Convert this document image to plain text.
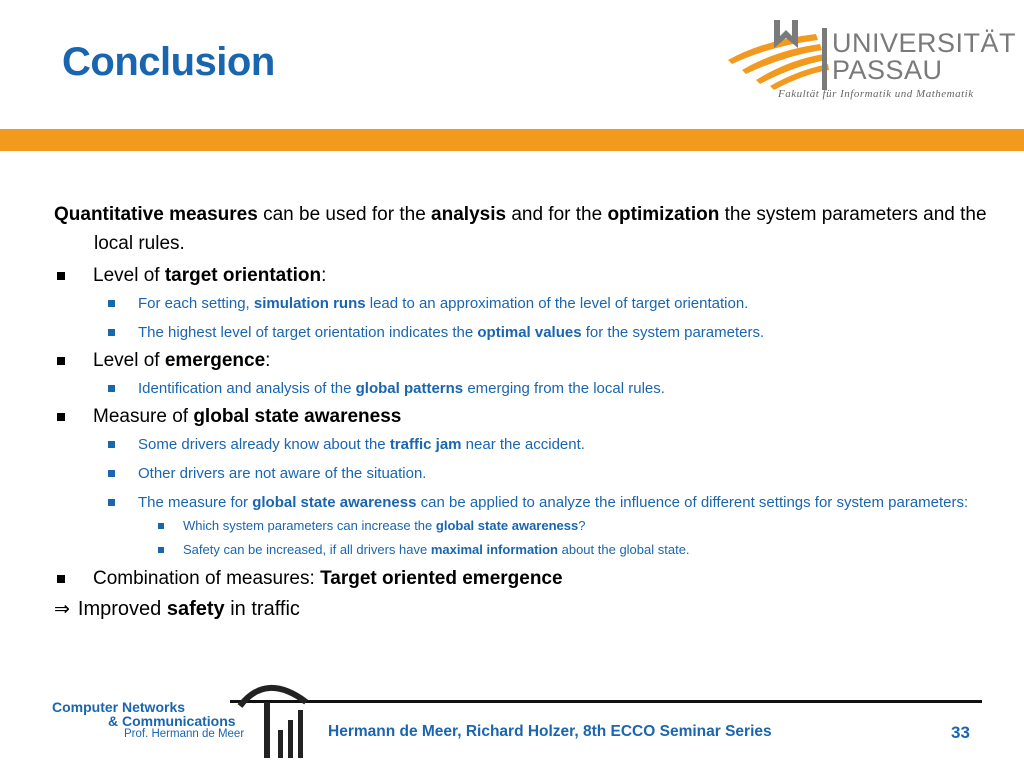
Conclusion	UNIVERSITÄT
PASSAU
Fakultät für Informatik und Mathematik
Quantitative measures can be used for the analysis and for the optimization the system parameters and the local rules.
Level of target orientation:
For each setting, simulation runs lead to an approximation of the level of target orientation.
The highest level of target orientation indicates the optimal values for the system parameters.
Level of emergence:
Identification and analysis of the global patterns emerging from the local rules.
Measure of global state awareness
Some drivers already know about the traffic jam near the accident.
Other drivers are not aware of the situation.
The measure for global state awareness can be applied to analyze the influence of different settings for system parameters:
Which system parameters can increase the global state awareness?
Safety can be increased, if all drivers have maximal information about the global state.
Combination of measures: Target oriented emergence
⇒ Improved safety in traffic
Computer Networks
& Communications
Prof. Hermann de Meer	Hermann de Meer, Richard Holzer, 8th ECCO Seminar Series	33
